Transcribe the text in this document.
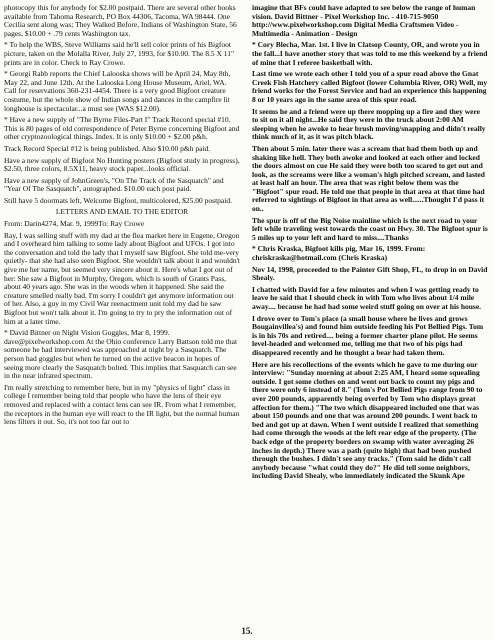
photocopy this for anybody for $2.00 postpaid. There are several other books available from Tahoma Research, PO Box 44306, Tacoma, WA 98444. One Cecilia sent along was; They Walked Before, Indians of Washington State, 56 pages, $10.00 + .79 cents Washington tax.

* To help the WBS, Steve Williams said he'll sell color prints of his Bigfoot picture, taken on the Molalla River, July 27, 1993, for $10.00. The 8.5 X 11" prints are in color. Check to Ray Crowe.

* Georgi Rabb reports the Chief Lalooska shows will be April 24, May 8th, May 22, and June 12th. At the Lalooska Long House Museum, Ariel, WA. Call for reservations 360-231-4454. There is a very good Bigfoot creature costume, but the whole show of Indian songs and dances in the campfire lit longhouse is spectacular...a must see (WAS $12.00).

* Have a new supply of "The Byrne Files-Part I" Track Record special #10. This is 80 pages of old correspondence of Peter Byrne concerning Bigfoot and other cryptozoological things. Index. It is only $10.00 + $2.00 p&h.

Track Record Special #12 is being published. Also $10.00 p&h paid.

Have a new supply of Bigfoot No Hunting posters (Bigfoot study in progress), $2.50, three colors, 8.5X11, heavy stock paper...looks official.

Have a new supply of JohnGreen's, "On The Track of the Sasquatch" and "Year Of The Sasquatch", autographed. $10.00 each post paid.

Still have 5 doormats left, Welcome Bigfoot, multicolored, $25.00 postpaid.

LETTERS AND EMAIL TO THE EDITOR

From: Darin4274, Mar. 9, 1999To: Ray Crowe

Ray, I was selling stuff with my dad at the flea market here in Eugene, Oregon and I overheard him talking to some lady about Bigfoot and UFOs. I got into the conversation and told the lady that I myself saw Bigfoot. She told me-very quietly- that she had also seen Bigfoot. She wouldn't talk about it and wouldn't give me her name, but seemed very sincere about it. Here's what I got out of her: She saw a Bigfoot in Murphy, Oregon, which is south of Grants Pass, about 40 years ago. She was in the woods when it happened. She said the creature smelled really bad. I'm sorry I couldn't get anymore information out of her. Also, a guy in my Civil War reenactment unit told my dad he saw Bigfoot but won't talk about it. I'm going to try to pry the information out of him at a later time.

* David Bittner on Night Vision Goggles, Mar 8, 1999. dave@pixelworkshop.com At the Ohio conference Larry Battson told me that someone he had interviewed was approached at night by a Sasquatch. The person had goggles but when he turned on the active beacon in hopes of seeing more clearly the Sasquatch bolted. This implies that Sasquatch can see in the near infrared spectrum.

I'm really stretching to remember here, but in my "physics of light" class in college I remember being told that people who have the lens of their eye removed and replaced with a contact lens can see IR. From what I remember, the receptors in the human eye will react to the IR light, but the normal human lens filters it out. So, it's not too far out to

imagine that BFs could have adapted to see below the range of human vision. David Bittner - Pixel Workshop Inc. - 410-715-9050 http://www.pixelworkshop.com Digital Media Craftsmen Video - Multimedia - Animation - Design

* Cory Blecha, Mar. 1st. I live in Clatsop County, OR, and wrote you in the fall...I have another story that was told to me this weekend by a friend of mine that I referee basketball with.

Last time we wrote each other I told you of a spur road above the Gnat Creek Fish Hatchery called Bigfoot (lower Columbia River, OR) Well, my friend works for the Forest Service and had an experience this happening 8 or 10 years ago in the same area of this spur road.

It seems he and a friend were up there mopping up a fire and they were to sit on it all night...He said they were in the truck about 2:00 AM sleeping when he awoke to hear brush moving/snapping and didn't really think much of it, as it was pitch black.

Then about 5 min. later there was a scream that had them both up and shaking like hell. They both awoke and looked at each other and locked the doors almost on cue He said they were both too scared to get out and look, as the screams were like a woman's high pitched scream, and lasted at least half an hour. The area that was right below them was the "Bigfoot" spur road. He told me that people in that area at that time had referred to sightings of Bigfoot in that area as well......Thought I'd pass it on..

The spur is off of the Big Noise mainline which is the next road to your left while traveling west towards the coast on Hwy. 30. The Bigfoot spur is 5 miles up to your left and hard to miss....Thanks

* Chris Kraska, Bigfoot kills pig, Mar 16, 1999. From: chriskraska@hotmail.com (Chris Kraska)

Nov 14, 1998, proceeded to the Painter Gift Shop, FL, to drop in on David Shealy.

I chatted with David for a few minutes and when I was getting ready to leave he said that I should check in with Tom who lives about 1/4 mile away.... because he had had some weird stuff going on over at his house.

I drove over to Tom's place (a small house where he lives and grows Bougainvillea's) and found him outside feeding his Pot Bellied Pigs. Tom is in his 70s and retired.... being a former charter plane pilot. He seems level-headed and welcomed me, telling me that two of his pigs had disappeared recently and he thought a bear had taken them.

Here are his recollections of the events which he gave to me during our interview: "Sunday morning at about 2:25 AM, I heard some squealing outside. I got some clothes on and went out back to count my pigs and there were only 6 instead of 8." (Tom's Pot Bellied Pigs range from 90 to over 200 pounds, apparently being overfed by Tom who displays great affection for them.) "The two which disappeared included one that was about 150 pounds and one that was around 200 pounds. I went back to bed and got up at dawn. When I went outside I realized that something had come through the woods at the left rear edge of the property. (The back edge of the property borders on swamp with water averaging 26 inches in depth.) There was a path (quite high) that had been pushed through the bushes. I didn't see any tracks." (Tom said he didn't call anybody because "what could they do?" He did tell some neighbors, including David Shealy, who immediately indicated the Skunk Ape

15.
